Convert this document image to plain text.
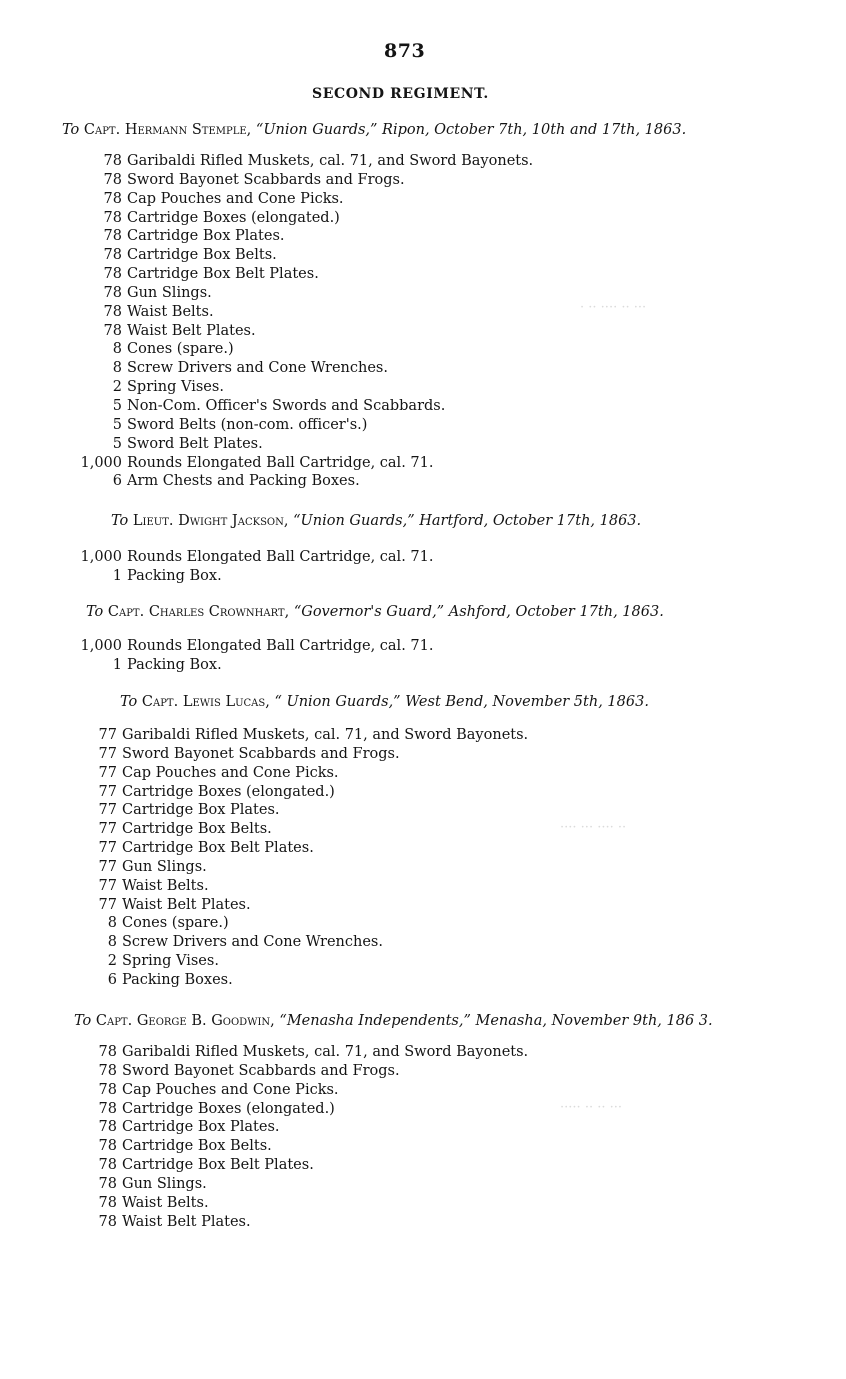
873
SECOND REGIMENT.
··· ·· ···· ·· ·
·· ···· ··· ····
··· ·· ·· ·····
To Capt. Hermann Stemple, “Union Guards,” Ripon, October 7th, 10th and 17th, 1863.
78 Garibaldi Rifled Muskets, cal. 71, and Sword Bayonets.
78 Sword Bayonet Scabbards and Frogs.
78 Cap Pouches and Cone Picks.
78 Cartridge Boxes (elongated.)
78 Cartridge Box Plates.
78 Cartridge Box Belts.
78 Cartridge Box Belt Plates.
78 Gun Slings.
78 Waist Belts.
78 Waist Belt Plates.
8 Cones (spare.)
8 Screw Drivers and Cone Wrenches.
2 Spring Vises.
5 Non-Com. Officer's Swords and Scabbards.
5 Sword Belts (non-com. officer's.)
5 Sword Belt Plates.
1,000 Rounds Elongated Ball Cartridge, cal. 71.
6 Arm Chests and Packing Boxes.
To Lieut. Dwight Jackson, “Union Guards,” Hartford, October 17th, 1863.
1,000 Rounds Elongated Ball Cartridge, cal. 71.
1 Packing Box.
To Capt. Charles Crownhart, “Governor's Guard,” Ashford, October 17th, 1863.
1,000 Rounds Elongated Ball Cartridge, cal. 71.
1 Packing Box.
To Capt. Lewis Lucas, “ Union Guards,” West Bend, November 5th, 1863.
77 Garibaldi Rifled Muskets, cal. 71, and Sword Bayonets.
77 Sword Bayonet Scabbards and Frogs.
77 Cap Pouches and Cone Picks.
77 Cartridge Boxes (elongated.)
77 Cartridge Box Plates.
77 Cartridge Box Belts.
77 Cartridge Box Belt Plates.
77 Gun Slings.
77 Waist Belts.
77 Waist Belt Plates.
8 Cones (spare.)
8 Screw Drivers and Cone Wrenches.
2 Spring Vises.
6 Packing Boxes.
To Capt. George B. Goodwin, “Menasha Independents,” Menasha, November 9th, 186 3.
78 Garibaldi Rifled Muskets, cal. 71, and Sword Bayonets.
78 Sword Bayonet Scabbards and Frogs.
78 Cap Pouches and Cone Picks.
78 Cartridge Boxes (elongated.)
78 Cartridge Box Plates.
78 Cartridge Box Belts.
78 Cartridge Box Belt Plates.
78 Gun Slings.
78 Waist Belts.
78 Waist Belt Plates.
